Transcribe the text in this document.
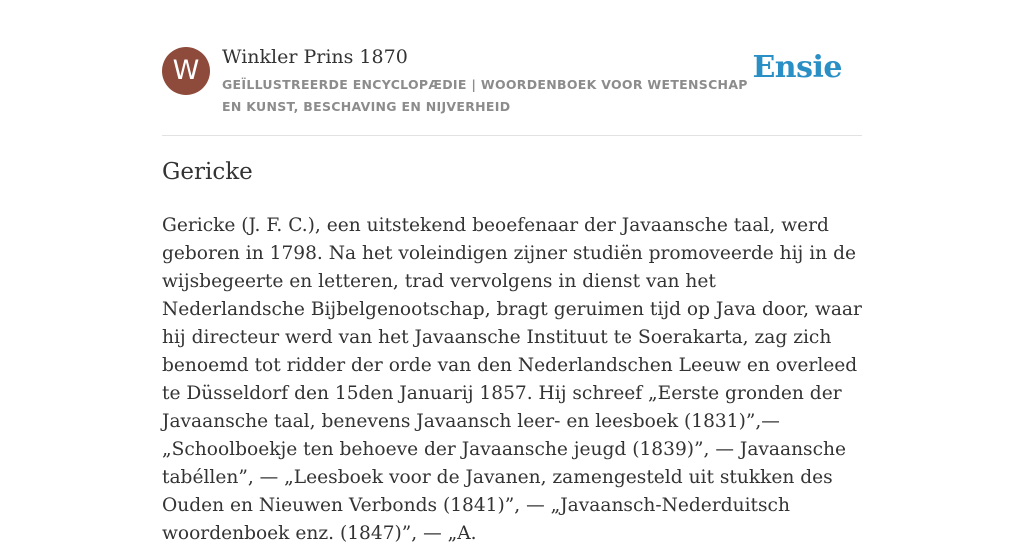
W	Winkler Prins 1870
GEÏLLUSTREERDE ENCYCLOPÆDIE | WOORDENBOEK VOOR WETENSCHAP EN KUNST, BESCHAVING EN NIJVERHEID
Ensie
Gericke

Gericke (J. F. C.), een uitstekend beoefenaar der Javaansche taal, werd geboren in 1798. Na het voleindigen zijner studiën promoveerde hij in de wijsbegeerte en letteren, trad vervolgens in dienst van het Nederlandsche Bijbelgenootschap, bragt geruimen tijd op Java door, waar hij directeur werd van het Javaansche Instituut te Soerakarta, zag zich benoemd tot ridder der orde van den Nederlandschen Leeuw en overleed te Düsseldorf den 15den Januarij 1857. Hij schreef „Eerste gronden der Javaansche taal, benevens Javaansch leer- en leesboek (1831)”,— „Schoolboekje ten behoeve der Javaansche jeugd (1839)”, — Javaansche tabéllen”, — „Leesboek voor de Javanen, zamengesteld uit stukken des Ouden en Nieuwen Verbonds (1841)”, — „Javaansch-Nederduitsch woordenboek enz. (1847)”, — „A.
